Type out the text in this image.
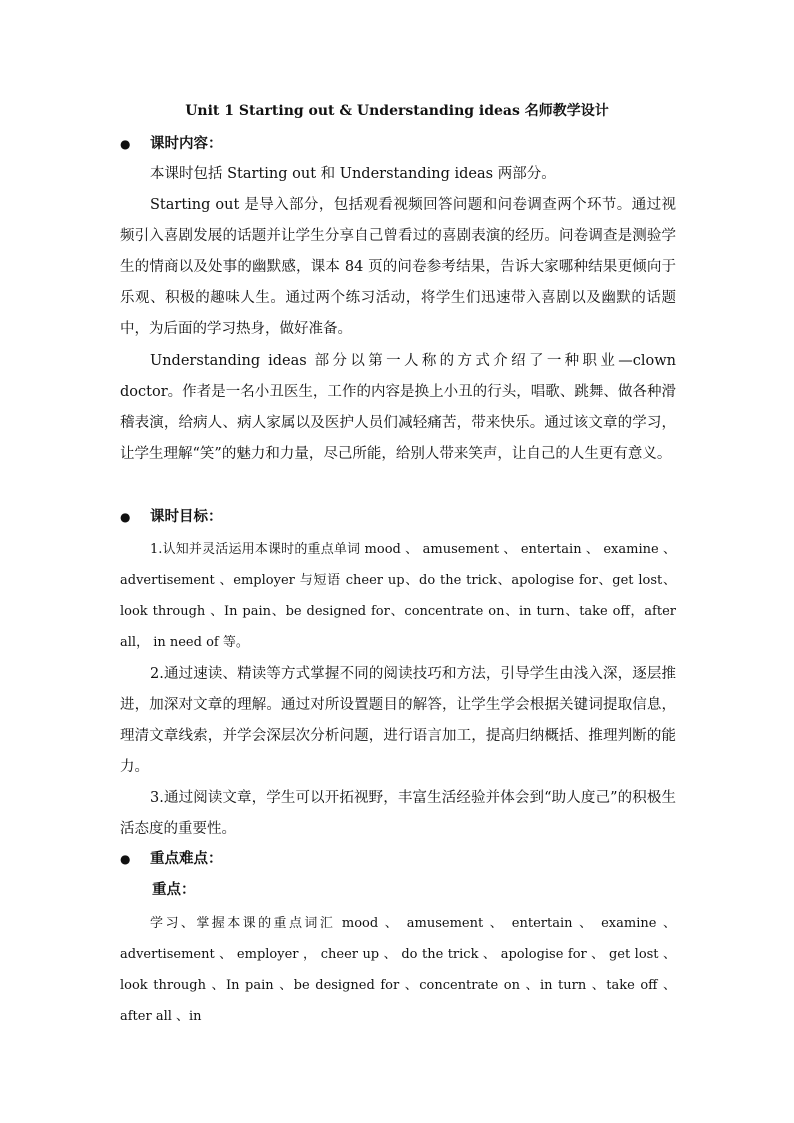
Unit 1 Starting out & Understanding ideas 名师教学设计
● 课时内容：

本课时包括 Starting out 和 Understanding ideas 两部分。

Starting out 是导入部分，包括观看视频回答问题和问卷调查两个环节。通过视频引入喜剧发展的话题并让学生分享自己曾看过的喜剧表演的经历。问卷调查是测验学生的情商以及处事的幽默感，课本 84 页的问卷参考结果，告诉大家哪种结果更倾向于乐观、积极的趣味人生。通过两个练习活动，将学生们迅速带入喜剧以及幽默的话题中，为后面的学习热身，做好准备。

Understanding ideas 部分以第一人称的方式介绍了一种职业—clown doctor。作者是一名小丑医生，工作的内容是换上小丑的行头，唱歌、跳舞、做各种滑稽表演，给病人、病人家属以及医护人员们减轻痛苦，带来快乐。通过该文章的学习，让学生理解“笑”的魅力和力量，尽己所能，给别人带来笑声，让自己的人生更有意义。

● 课时目标：

1.认知并灵活运用本课时的重点单词 mood 、 amusement 、 entertain 、 examine 、advertisement 、employer 与短语 cheer up、do the trick、apologise for、get lost、look through 、In pain、be designed for、concentrate on、in turn、take off，after all， in need of 等。

2.通过速读、精读等方式掌握不同的阅读技巧和方法，引导学生由浅入深，逐层推进，加深对文章的理解。通过对所设置题目的解答，让学生学会根据关键词提取信息，理清文章线索，并学会深层次分析问题，进行语言加工，提高归纳概括、推理判断的能力。

3.通过阅读文章，学生可以开拓视野，丰富生活经验并体会到“助人度己”的积极生活态度的重要性。

● 重点难点：
重点：

学习、掌握本课的重点词汇 mood 、 amusement 、 entertain 、 examine 、 advertisement 、 employer ， cheer up 、 do the trick 、 apologise for 、 get lost 、 look through 、In pain 、be designed for 、concentrate on 、in turn 、take off 、after all 、in
